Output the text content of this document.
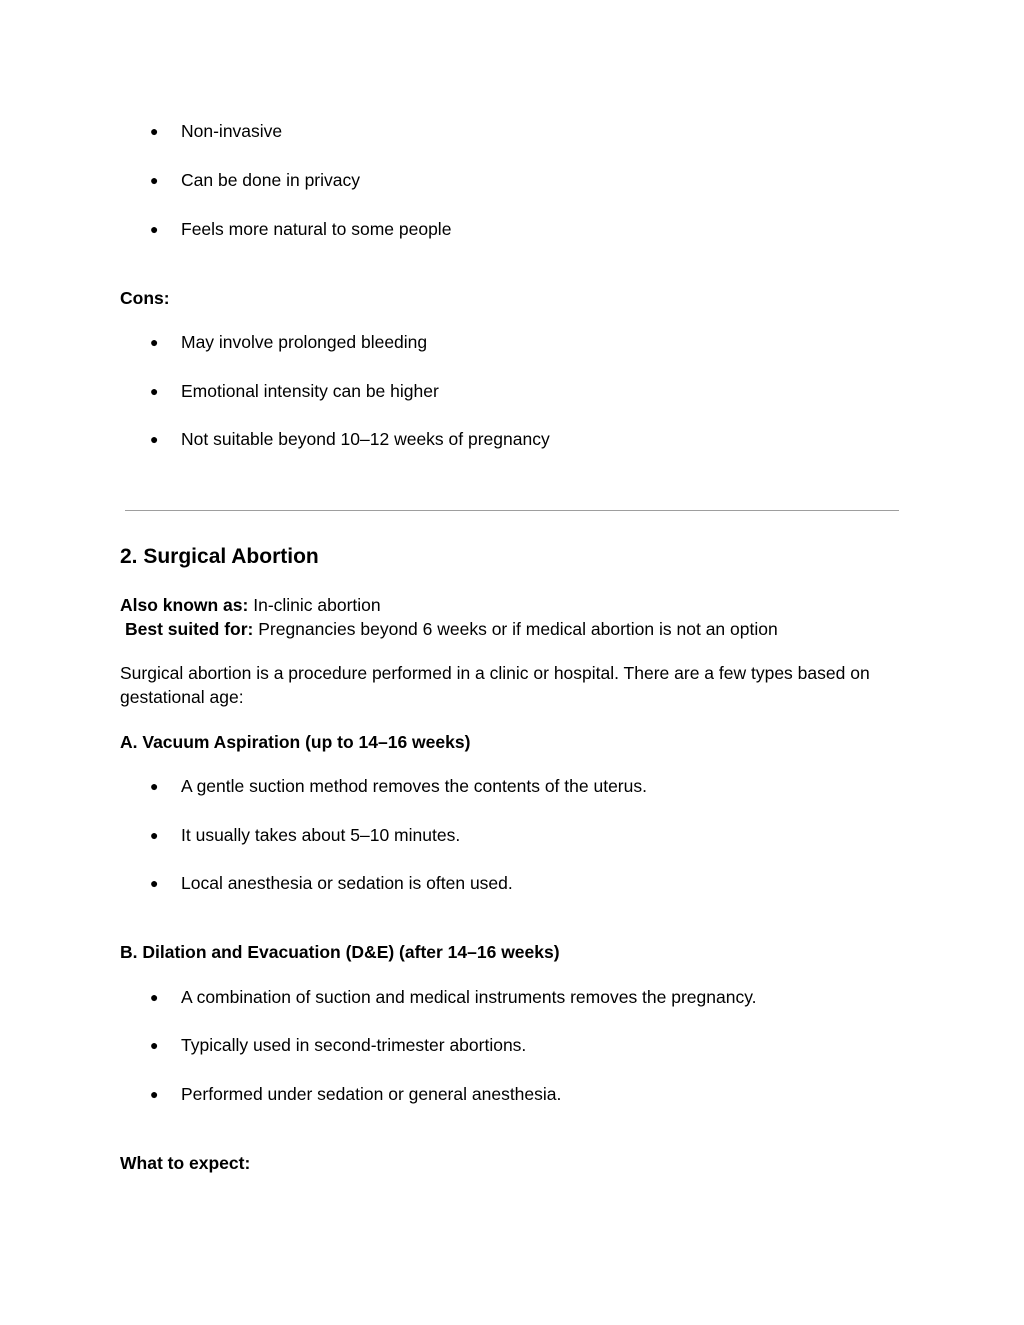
● Non-invasive
● Can be done in privacy
● Feels more natural to some people
Cons:
● May involve prolonged bleeding
● Emotional intensity can be higher
● Not suitable beyond 10–12 weeks of pregnancy
2. Surgical Abortion
Also known as: In-clinic abortion
Best suited for: Pregnancies beyond 6 weeks or if medical abortion is not an option
Surgical abortion is a procedure performed in a clinic or hospital. There are a few types based on gestational age:
A. Vacuum Aspiration (up to 14–16 weeks)
● A gentle suction method removes the contents of the uterus.
● It usually takes about 5–10 minutes.
● Local anesthesia or sedation is often used.
B. Dilation and Evacuation (D&E) (after 14–16 weeks)
● A combination of suction and medical instruments removes the pregnancy.
● Typically used in second-trimester abortions.
● Performed under sedation or general anesthesia.
What to expect:
